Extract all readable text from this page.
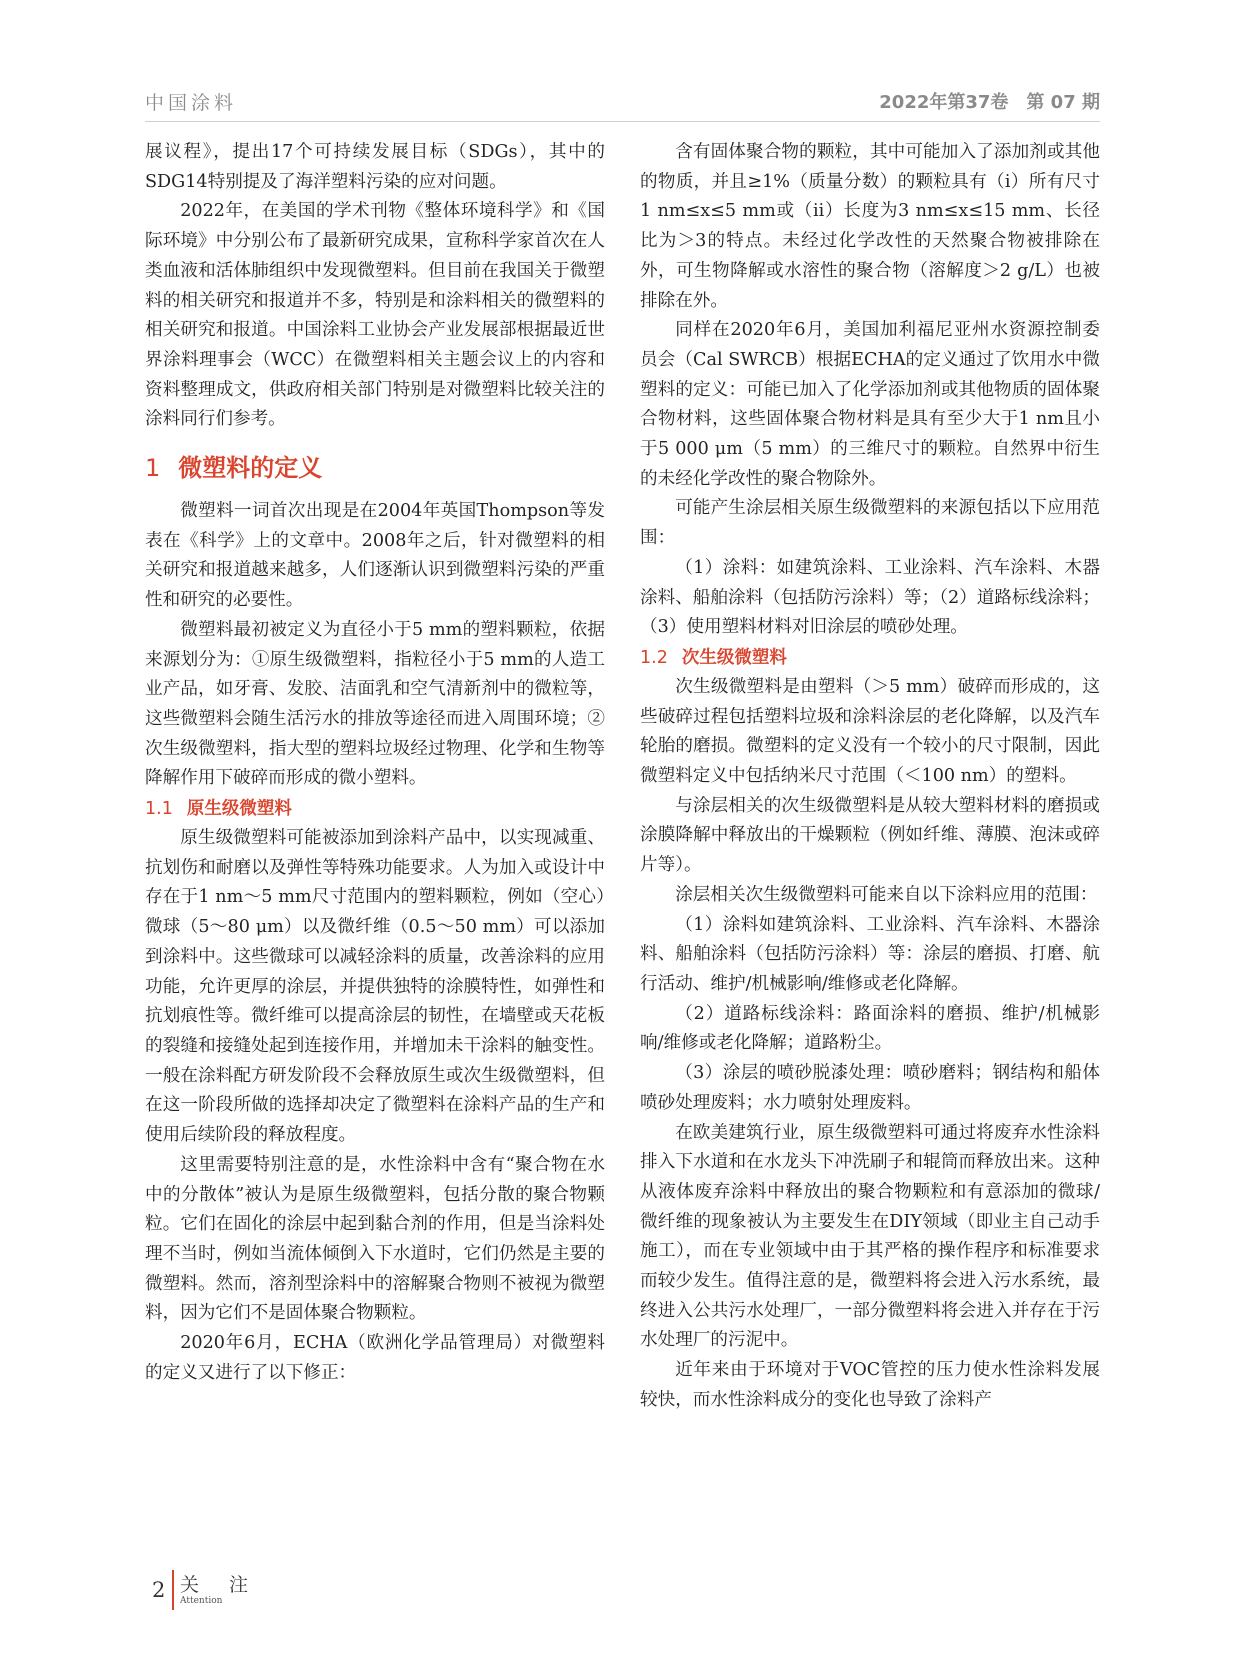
中国涂料	2022年第37卷　第 07 期

展议程》，提出17个可持续发展目标（SDGs），其中的SDG14特别提及了海洋塑料污染的应对问题。

2022年，在美国的学术刊物《整体环境科学》和《国际环境》中分别公布了最新研究成果，宣称科学家首次在人类血液和活体肺组织中发现微塑料。但目前在我国关于微塑料的相关研究和报道并不多，特别是和涂料相关的微塑料的相关研究和报道。中国涂料工业协会产业发展部根据最近世界涂料理事会（WCC）在微塑料相关主题会议上的内容和资料整理成文，供政府相关部门特别是对微塑料比较关注的涂料同行们参考。

1 微塑料的定义

微塑料一词首次出现是在2004年英国Thompson等发表在《科学》上的文章中。2008年之后，针对微塑料的相关研究和报道越来越多，人们逐渐认识到微塑料污染的严重性和研究的必要性。

微塑料最初被定义为直径小于5 mm的塑料颗粒，依据来源划分为：①原生级微塑料，指粒径小于5 mm的人造工业产品，如牙膏、发胶、洁面乳和空气清新剂中的微粒等，这些微塑料会随生活污水的排放等途径而进入周围环境；②次生级微塑料，指大型的塑料垃圾经过物理、化学和生物等降解作用下破碎而形成的微小塑料。

1.1 原生级微塑料

原生级微塑料可能被添加到涂料产品中，以实现减重、抗划伤和耐磨以及弹性等特殊功能要求。人为加入或设计中存在于1 nm～5 mm尺寸范围内的塑料颗粒，例如（空心）微球（5～80 μm）以及微纤维（0.5～50 mm）可以添加到涂料中。这些微球可以减轻涂料的质量，改善涂料的应用功能，允许更厚的涂层，并提供独特的涂膜特性，如弹性和抗划痕性等。微纤维可以提高涂层的韧性，在墙壁或天花板的裂缝和接缝处起到连接作用，并增加未干涂料的触变性。一般在涂料配方研发阶段不会释放原生或次生级微塑料，但在这一阶段所做的选择却决定了微塑料在涂料产品的生产和使用后续阶段的释放程度。

这里需要特别注意的是，水性涂料中含有“聚合物在水中的分散体”被认为是原生级微塑料，包括分散的聚合物颗粒。它们在固化的涂层中起到黏合剂的作用，但是当涂料处理不当时，例如当流体倾倒入下水道时，它们仍然是主要的微塑料。然而，溶剂型涂料中的溶解聚合物则不被视为微塑料，因为它们不是固体聚合物颗粒。

2020年6月，ECHA（欧洲化学品管理局）对微塑料的定义又进行了以下修正：

含有固体聚合物的颗粒，其中可能加入了添加剂或其他的物质，并且≥1%（质量分数）的颗粒具有（i）所有尺寸1 nm≤x≤5 mm或（ii）长度为3 nm≤x≤15 mm、长径比为＞3的特点。未经过化学改性的天然聚合物被排除在外，可生物降解或水溶性的聚合物（溶解度＞2 g/L）也被排除在外。

同样在2020年6月，美国加利福尼亚州水资源控制委员会（Cal SWRCB）根据ECHA的定义通过了饮用水中微塑料的定义：可能已加入了化学添加剂或其他物质的固体聚合物材料，这些固体聚合物材料是具有至少大于1 nm且小于5 000 μm（5 mm）的三维尺寸的颗粒。自然界中衍生的未经化学改性的聚合物除外。

可能产生涂层相关原生级微塑料的来源包括以下应用范围：

（1）涂料：如建筑涂料、工业涂料、汽车涂料、木器涂料、船舶涂料（包括防污涂料）等；（2）道路标线涂料；（3）使用塑料材料对旧涂层的喷砂处理。

1.2 次生级微塑料

次生级微塑料是由塑料（＞5 mm）破碎而形成的，这些破碎过程包括塑料垃圾和涂料涂层的老化降解，以及汽车轮胎的磨损。微塑料的定义没有一个较小的尺寸限制，因此微塑料定义中包括纳米尺寸范围（＜100 nm）的塑料。

与涂层相关的次生级微塑料是从较大塑料材料的磨损或涂膜降解中释放出的干燥颗粒（例如纤维、薄膜、泡沫或碎片等）。

涂层相关次生级微塑料可能来自以下涂料应用的范围：

（1）涂料如建筑涂料、工业涂料、汽车涂料、木器涂料、船舶涂料（包括防污涂料）等：涂层的磨损、打磨、航行活动、维护/机械影响/维修或老化降解。

（2）道路标线涂料：路面涂料的磨损、维护/机械影响/维修或老化降解；道路粉尘。

（3）涂层的喷砂脱漆处理：喷砂磨料；钢结构和船体喷砂处理废料；水力喷射处理废料。

在欧美建筑行业，原生级微塑料可通过将废弃水性涂料排入下水道和在水龙头下冲洗刷子和辊筒而释放出来。这种从液体废弃涂料中释放出的聚合物颗粒和有意添加的微球/微纤维的现象被认为主要发生在DIY领域（即业主自己动手施工），而在专业领域中由于其严格的操作程序和标准要求而较少发生。值得注意的是，微塑料将会进入污水系统，最终进入公共污水处理厂，一部分微塑料将会进入并存在于污水处理厂的污泥中。

近年来由于环境对于VOC管控的压力使水性涂料发展较快，而水性涂料成分的变化也导致了涂料产

2 关 注
Attention
